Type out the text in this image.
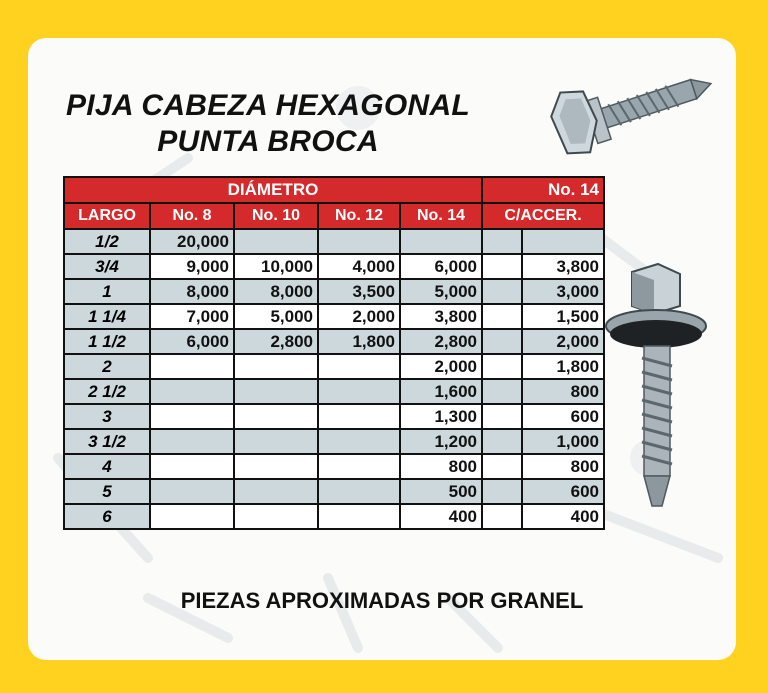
PIJA CABEZA HEXAGONAL
PUNTA BROCA
DIÁMETRO					No. 14	
LARGO	No. 8	No. 10	No. 12	No. 14	C/ACCER.	
1/2	20,000					
3/4	9,000	10,000	4,000	6,000		3,800
1	8,000	8,000	3,500	5,000		3,000
1 1/4	7,000	5,000	2,000	3,800		1,500
1 1/2	6,000	2,800	1,800	2,800		2,000
2				2,000		1,800
2 1/2				1,600		800
3				1,300		600
3 1/2				1,200		1,000
4				800		800
5				500		600
6				400		400
PIEZAS APROXIMADAS POR GRANEL
